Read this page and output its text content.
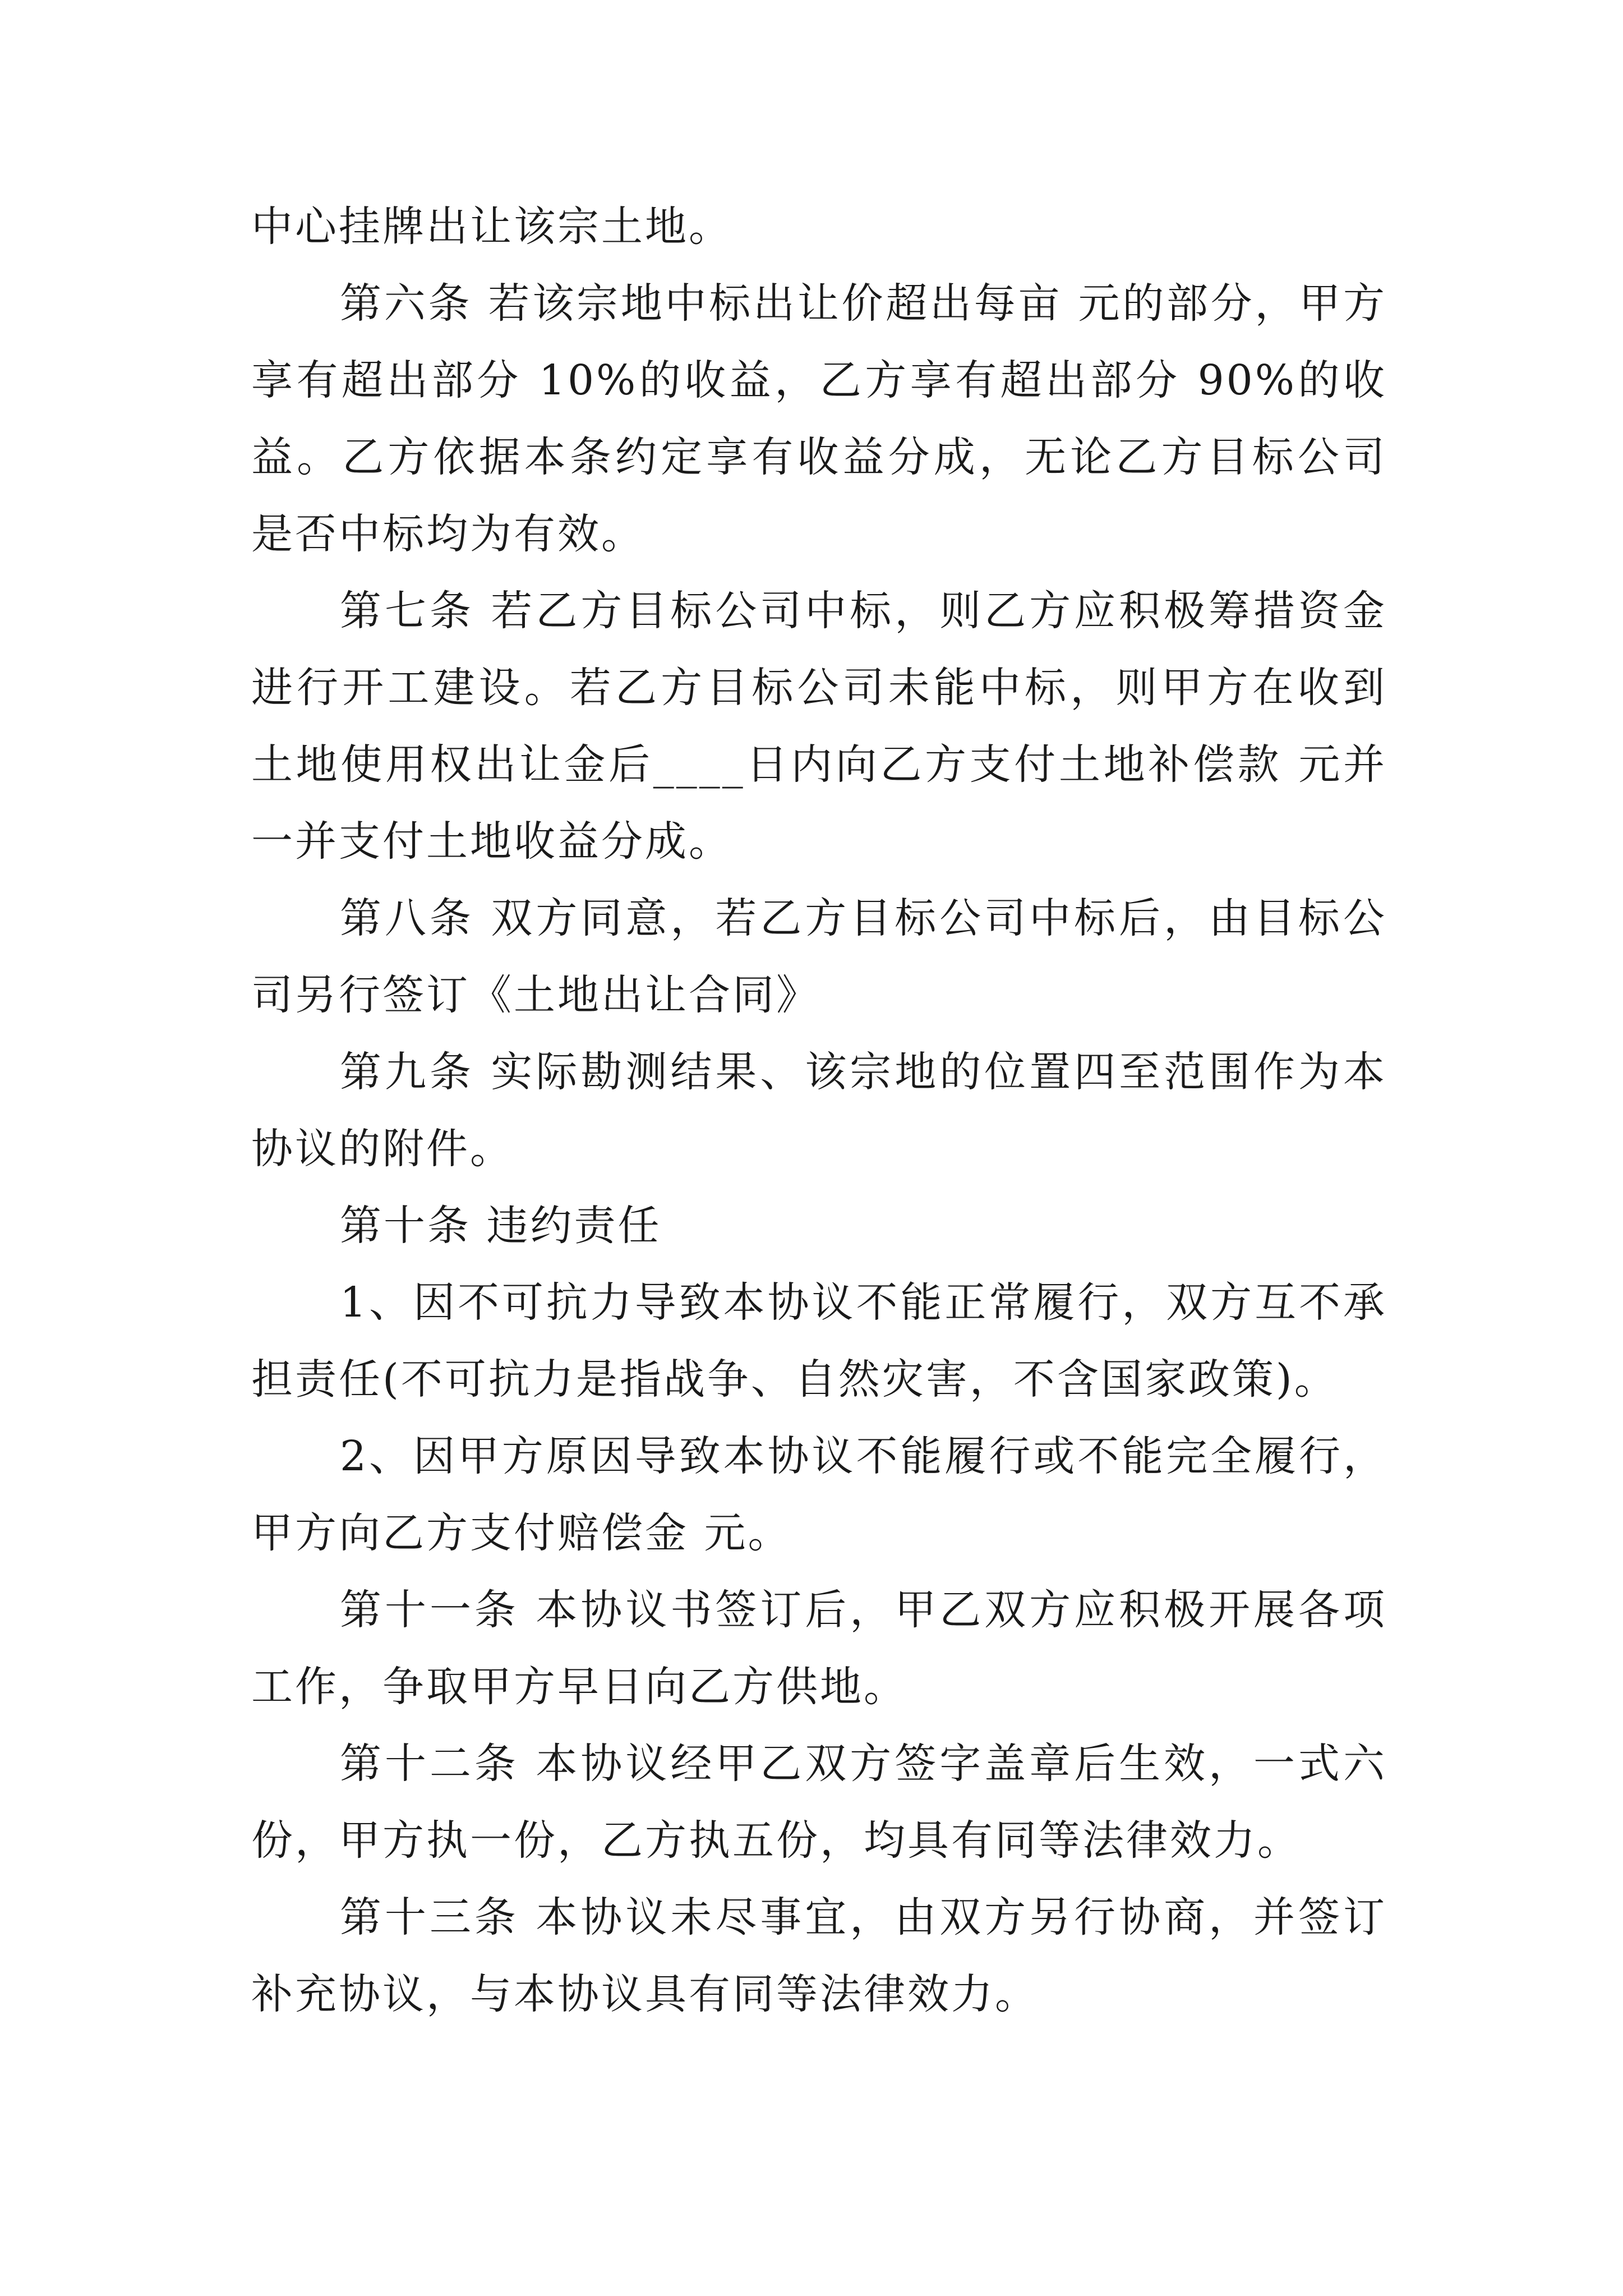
中心挂牌出让该宗土地。

第六条 若该宗地中标出让价超出每亩 元的部分，甲方享有超出部分 10%的收益，乙方享有超出部分 90%的收益。乙方依据本条约定享有收益分成，无论乙方目标公司是否中标均为有效。

第七条 若乙方目标公司中标，则乙方应积极筹措资金进行开工建设。若乙方目标公司未能中标，则甲方在收到土地使用权出让金后____日内向乙方支付土地补偿款 元并一并支付土地收益分成。

第八条 双方同意，若乙方目标公司中标后，由目标公司另行签订《土地出让合同》

第九条 实际勘测结果、该宗地的位置四至范围作为本协议的附件。

第十条 违约责任

1、因不可抗力导致本协议不能正常履行，双方互不承担责任(不可抗力是指战争、自然灾害，不含国家政策)。

2、因甲方原因导致本协议不能履行或不能完全履行，甲方向乙方支付赔偿金 元。

第十一条 本协议书签订后，甲乙双方应积极开展各项工作，争取甲方早日向乙方供地。

第十二条 本协议经甲乙双方签字盖章后生效，一式六份，甲方执一份，乙方执五份，均具有同等法律效力。

第十三条 本协议未尽事宜，由双方另行协商，并签订补充协议，与本协议具有同等法律效力。
